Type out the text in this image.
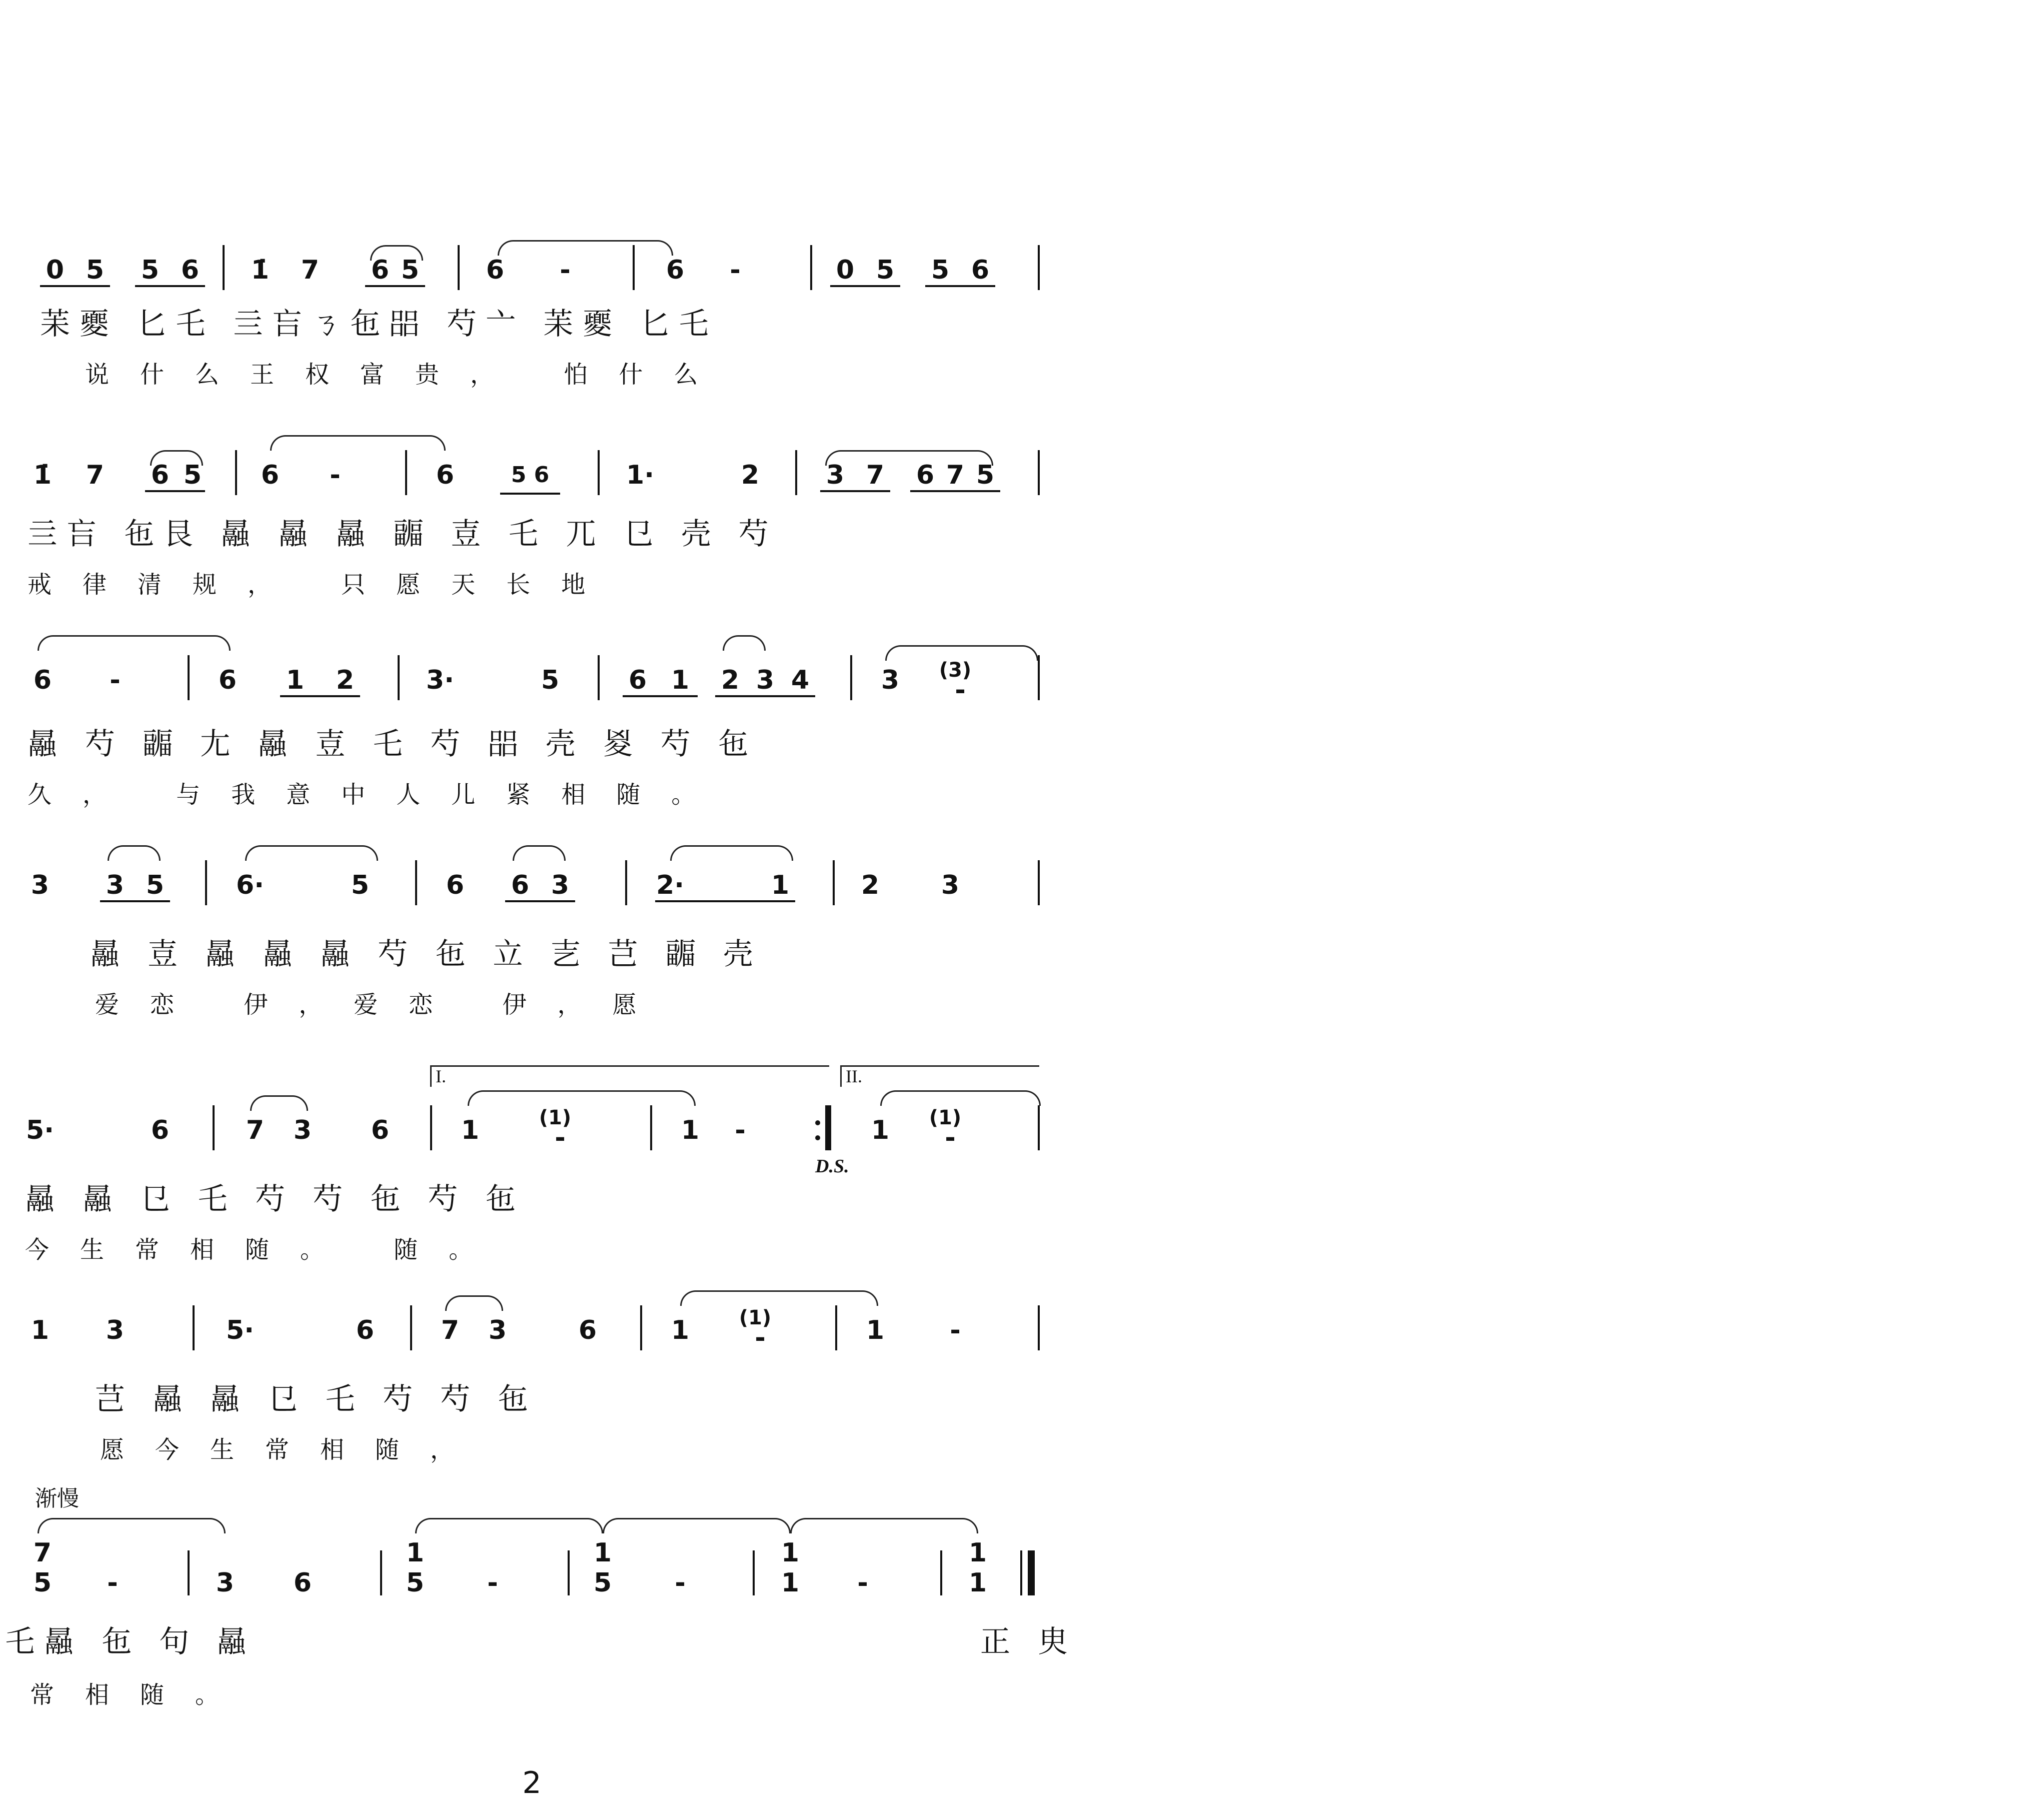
0 5 5 6 1̇ 7 6 5	6	-	6	-	0 5 5 6
苿夒 匕乇 亖吂ㄋ㐌㗊 芍亠 苿夒 匕乇
说什么王权富贵， 怕什么
1̇ 7 6 5 6	-	6	5 6	1·	2	3 7 6 7 5
亖吂 㐌艮 曧 曧 曧 疈 壴 乇 兀 㔾 壳 芍
戒律清规， 只愿天长地
6	-	6 1 2	3·	5	6 1 2 3 4	3	(3)
-
曧 芍 疈 尢 曧 壴 乇 芍 㗊 壳 㚇 芍 㐌
久， 与我意中人儿紧相随。
3 3 5	6·	5	6 6 3	2·	1	2 3
曧 壴 曧 曧 曧 芍 㐌 立 㐊 芑 疈 壳
爱恋 伊，爱恋 伊，愿
I.	II.
5·	6	7 3 6	1	(1)
-	1	-	1	(1)
-
D.S.
曧 曧 㔾 乇 芍 芍 㐌 芍 㐌
今生常相随。 随。
1 3	5·	6	7 3	6	1	(1)
-	1	-
芑 曧 曧 㔾 乇 芍 芍 㐌
愿今生常相随，
渐慢
7
5	-	3 6
1
5	-
1
5	-
1
1	-
1
1
乇曧 㐌 句 曧	正 㬰
常相随。
2
